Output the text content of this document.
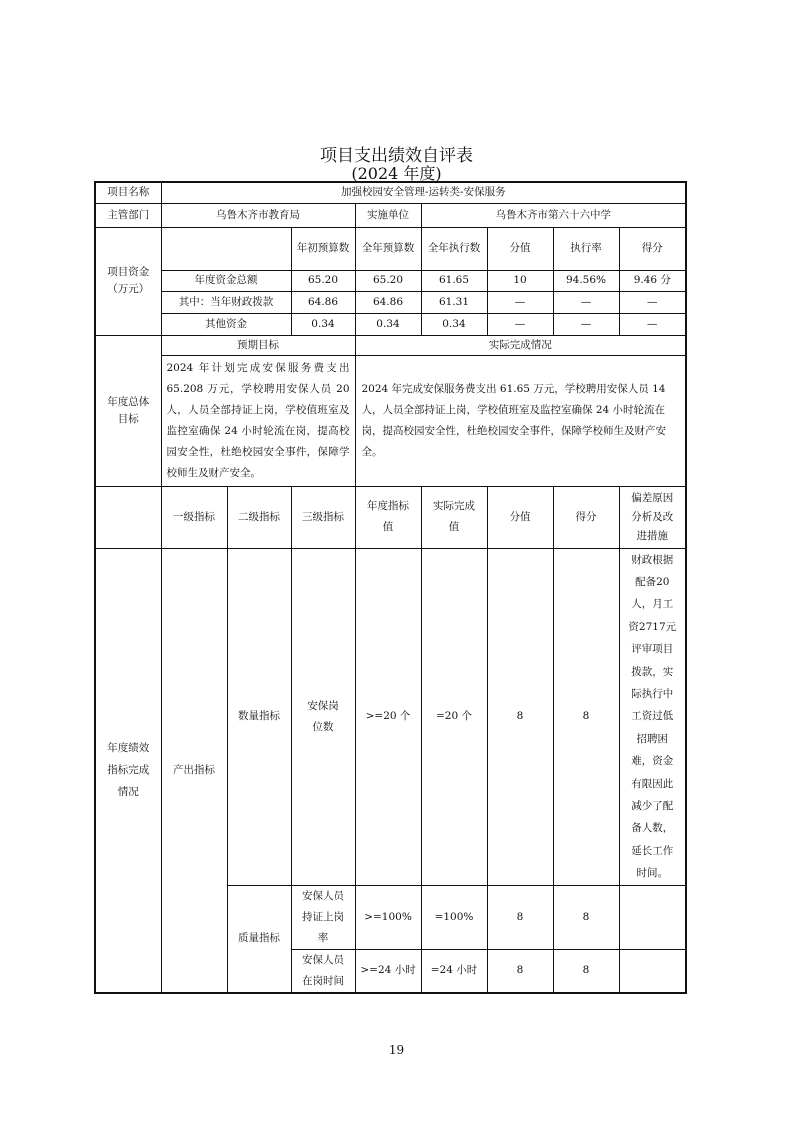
项目支出绩效自评表
(2024 年度)
项目名称	加强校园安全管理-运转类-安保服务							
主管部门	乌鲁木齐市教育局			实施单位	乌鲁木齐市第六十六中学			
项目资金
（万元）			年初预算数	全年预算数	全年执行数	分值	执行率	得分
	年度资金总额		65.20	65.20	61.65	10	94.56%	9.46 分
	其中：当年财政拨款		64.86	64.86	61.31	—	—	—
	其他资金		0.34	0.34	0.34	—	—	—

年度总体目标	预期目标			实际完成情况				
	2024 年计划完成安保服务费支出 65.208 万元，学校聘用安保人员 20 人，人员全部持证上岗，学校值班室及监控室确保 24 小时轮流在岗，提高校园安全性，杜绝校园安全事件，保障学校师生及财产安全。			2024 年完成安保服务费支出 61.65 万元，学校聘用安保人员 14 人，人员全部持证上岗，学校值班室及监控室确保 24 小时轮流在岗，提高校园安全性，杜绝校园安全事件，保障学校师生及财产安全。				
	一级指标	二级指标	三级指标	年度指标值	实际完成值	分值	得分	偏差原因分析及改进措施

年度绩效指标完成情况	产出指标	数量指标	安保岗位数	>=20 个	=20 个	8	8	财政根据配备20人，月工资2717元评审项目拨款，实际执行中工资过低招聘困难，资金有限因此减少了配备人数，延长工作时间。

		质量指标	安保人员持证上岗率	>=100%	=100%	8	8	

			安保人员在岗时间	>=24 小时	=24 小时	8	8	
19
